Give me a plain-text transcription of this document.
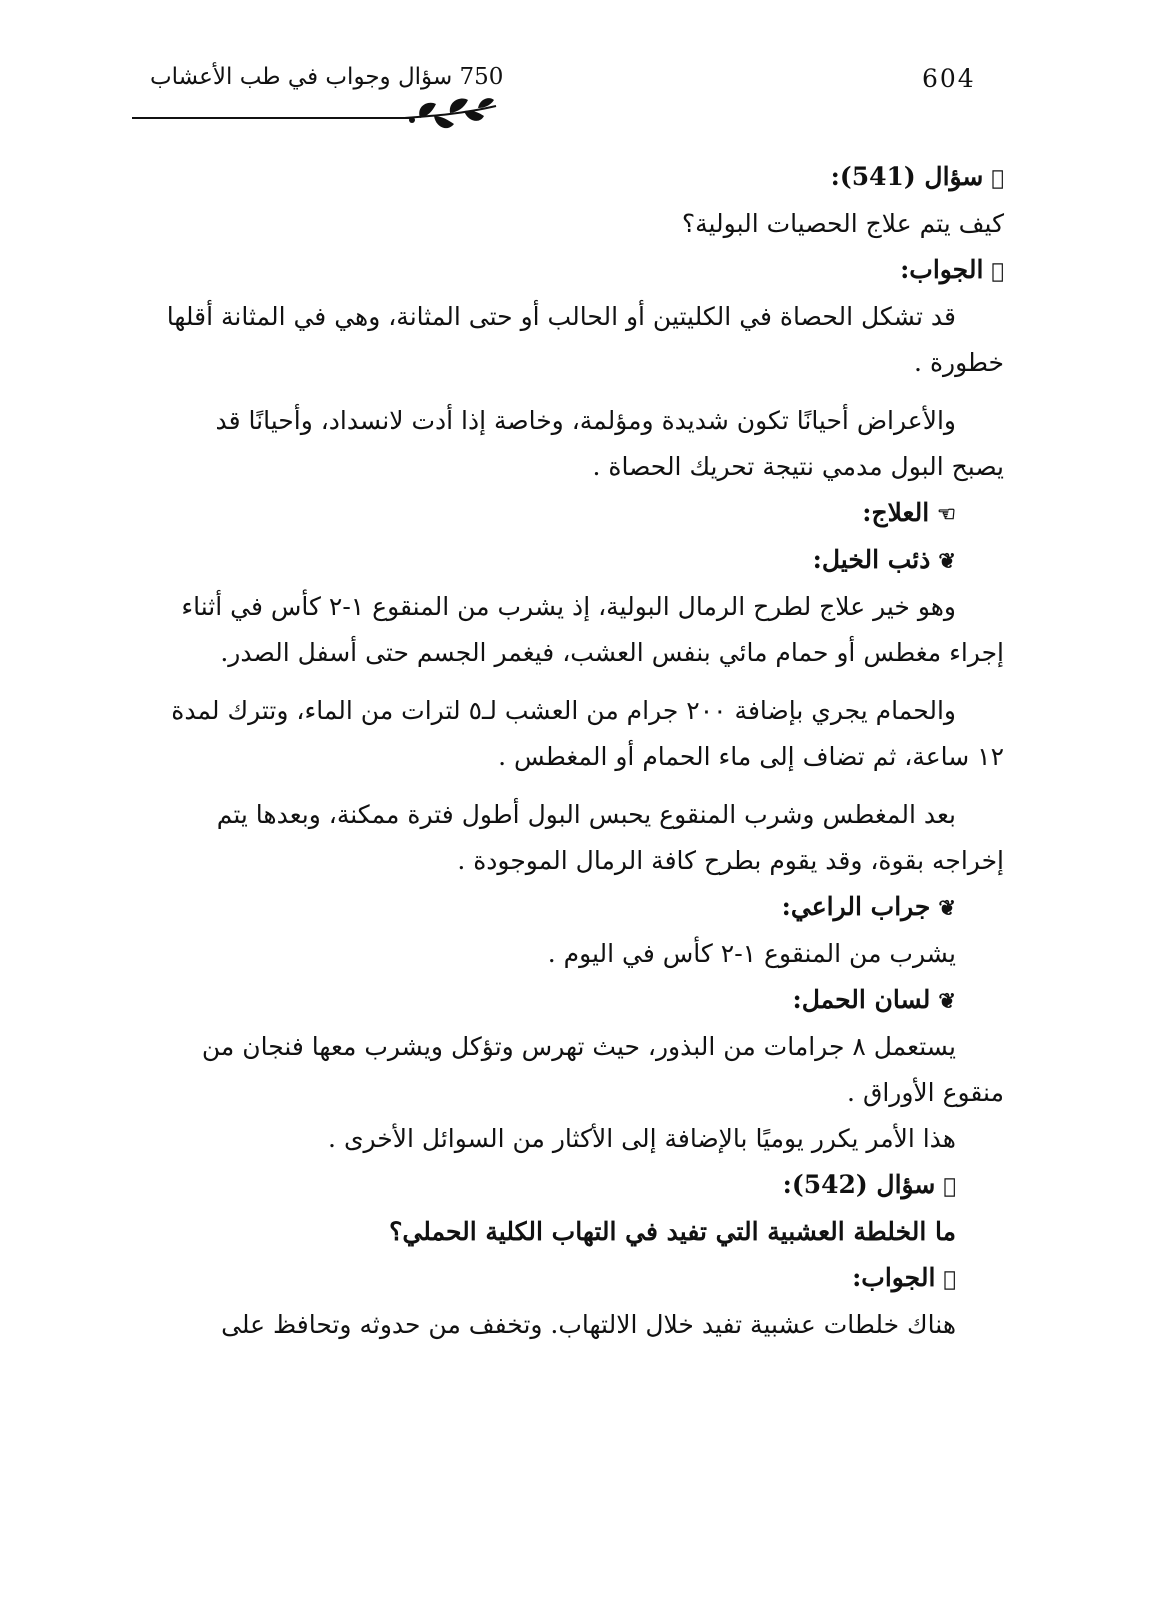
750 سؤال وجواب في طب الأعشاب	604

سؤال (541):

كيف يتم علاج الحصيات البولية؟

الجواب:

قد تشكل الحصاة في الكليتين أو الحالب أو حتى المثانة، وهي في المثانة أقلها

خطورة .

والأعراض أحيانًا تكون شديدة ومؤلمة، وخاصة إذا أدت لانسداد، وأحيانًا قد

يصبح البول مدمي نتيجة تحريك الحصاة .

☜العلاج:

❦ذئب الخيل:

وهو خير علاج لطرح الرمال البولية، إذ يشرب من المنقوع ١-٢ كأس في أثناء

إجراء مغطس أو حمام مائي بنفس العشب، فيغمر الجسم حتى أسفل الصدر.

والحمام يجري بإضافة ٢٠٠ جرام من العشب لـ٥ لترات من الماء، وتترك لمدة

١٢ ساعة، ثم تضاف إلى ماء الحمام أو المغطس .

بعد المغطس وشرب المنقوع يحبس البول أطول فترة ممكنة، وبعدها يتم

إخراجه بقوة، وقد يقوم بطرح كافة الرمال الموجودة .

❦جراب الراعي:

يشرب من المنقوع ١-٢ كأس في اليوم .

❦لسان الحمل:

يستعمل ٨ جرامات من البذور، حيث تهرس وتؤكل ويشرب معها فنجان من

منقوع الأوراق .

هذا الأمر يكرر يوميًا بالإضافة إلى الأكثار من السوائل الأخرى .

سؤال (542):

ما الخلطة العشبية التي تفيد في التهاب الكلية الحملي؟

الجواب:

هناك خلطات عشبية تفيد خلال الالتهاب. وتخفف من حدوثه وتحافظ على
